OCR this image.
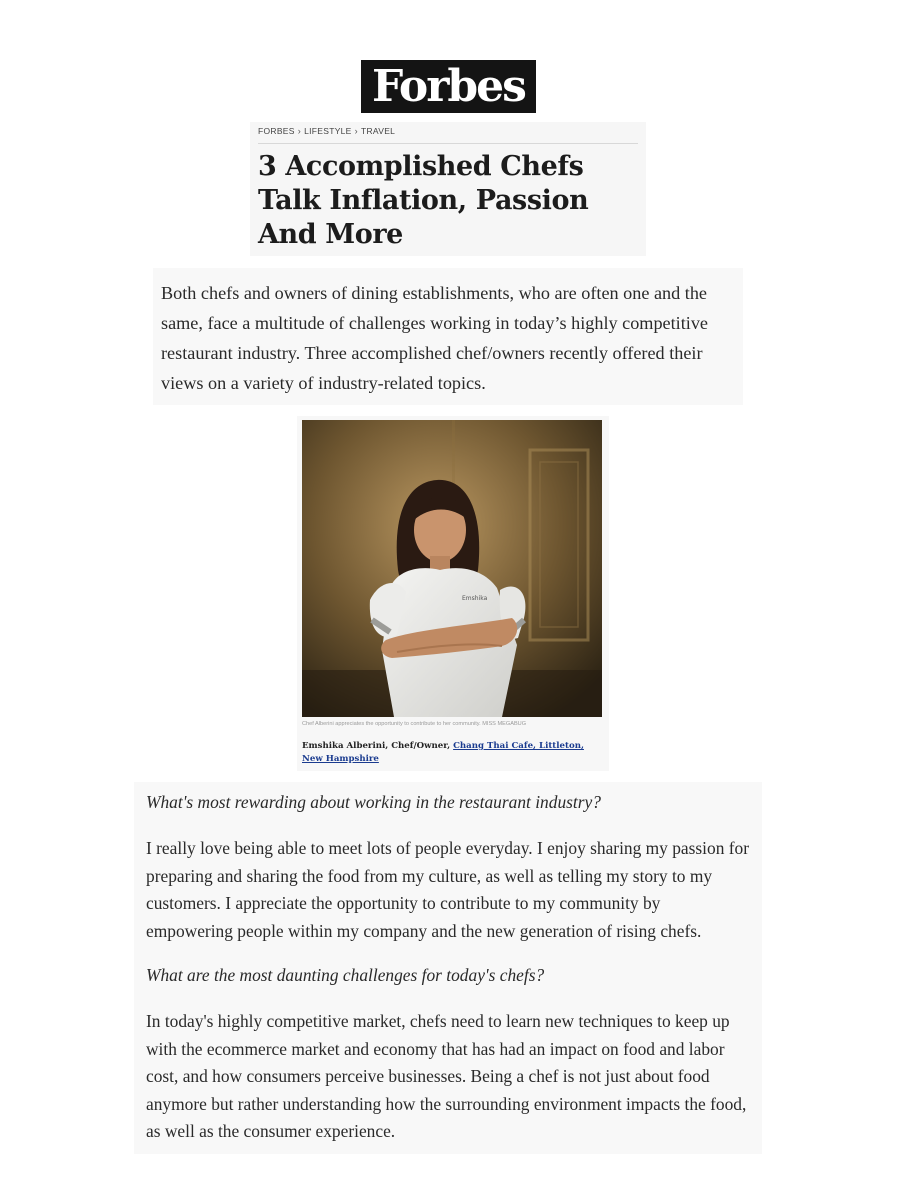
Forbes
FORBES › LIFESTYLE › TRAVEL
3 Accomplished Chefs Talk Inflation, Passion And More

Both chefs and owners of dining establishments, who are often one and the same, face a multitude of challenges working in today’s highly competitive restaurant industry. Three accomplished chef/owners recently offered their views on a variety of industry-related topics.

Emshika
Chef Alberini appreciates the opportunity to contribute to her community. MISS MEGABUG
Emshika Alberini, Chef/Owner, Chang Thai Cafe, Littleton, New Hampshire

What's most rewarding about working in the restaurant industry?

I really love being able to meet lots of people everyday. I enjoy sharing my passion for preparing and sharing the food from my culture, as well as telling my story to my customers. I appreciate the opportunity to contribute to my community by empowering people within my company and the new generation of rising chefs.

What are the most daunting challenges for today's chefs?

In today's highly competitive market, chefs need to learn new techniques to keep up with the ecommerce market and economy that has had an impact on food and labor cost, and how consumers perceive businesses. Being a chef is not just about food anymore but rather understanding how the surrounding environment impacts the food, as well as the consumer experience.
